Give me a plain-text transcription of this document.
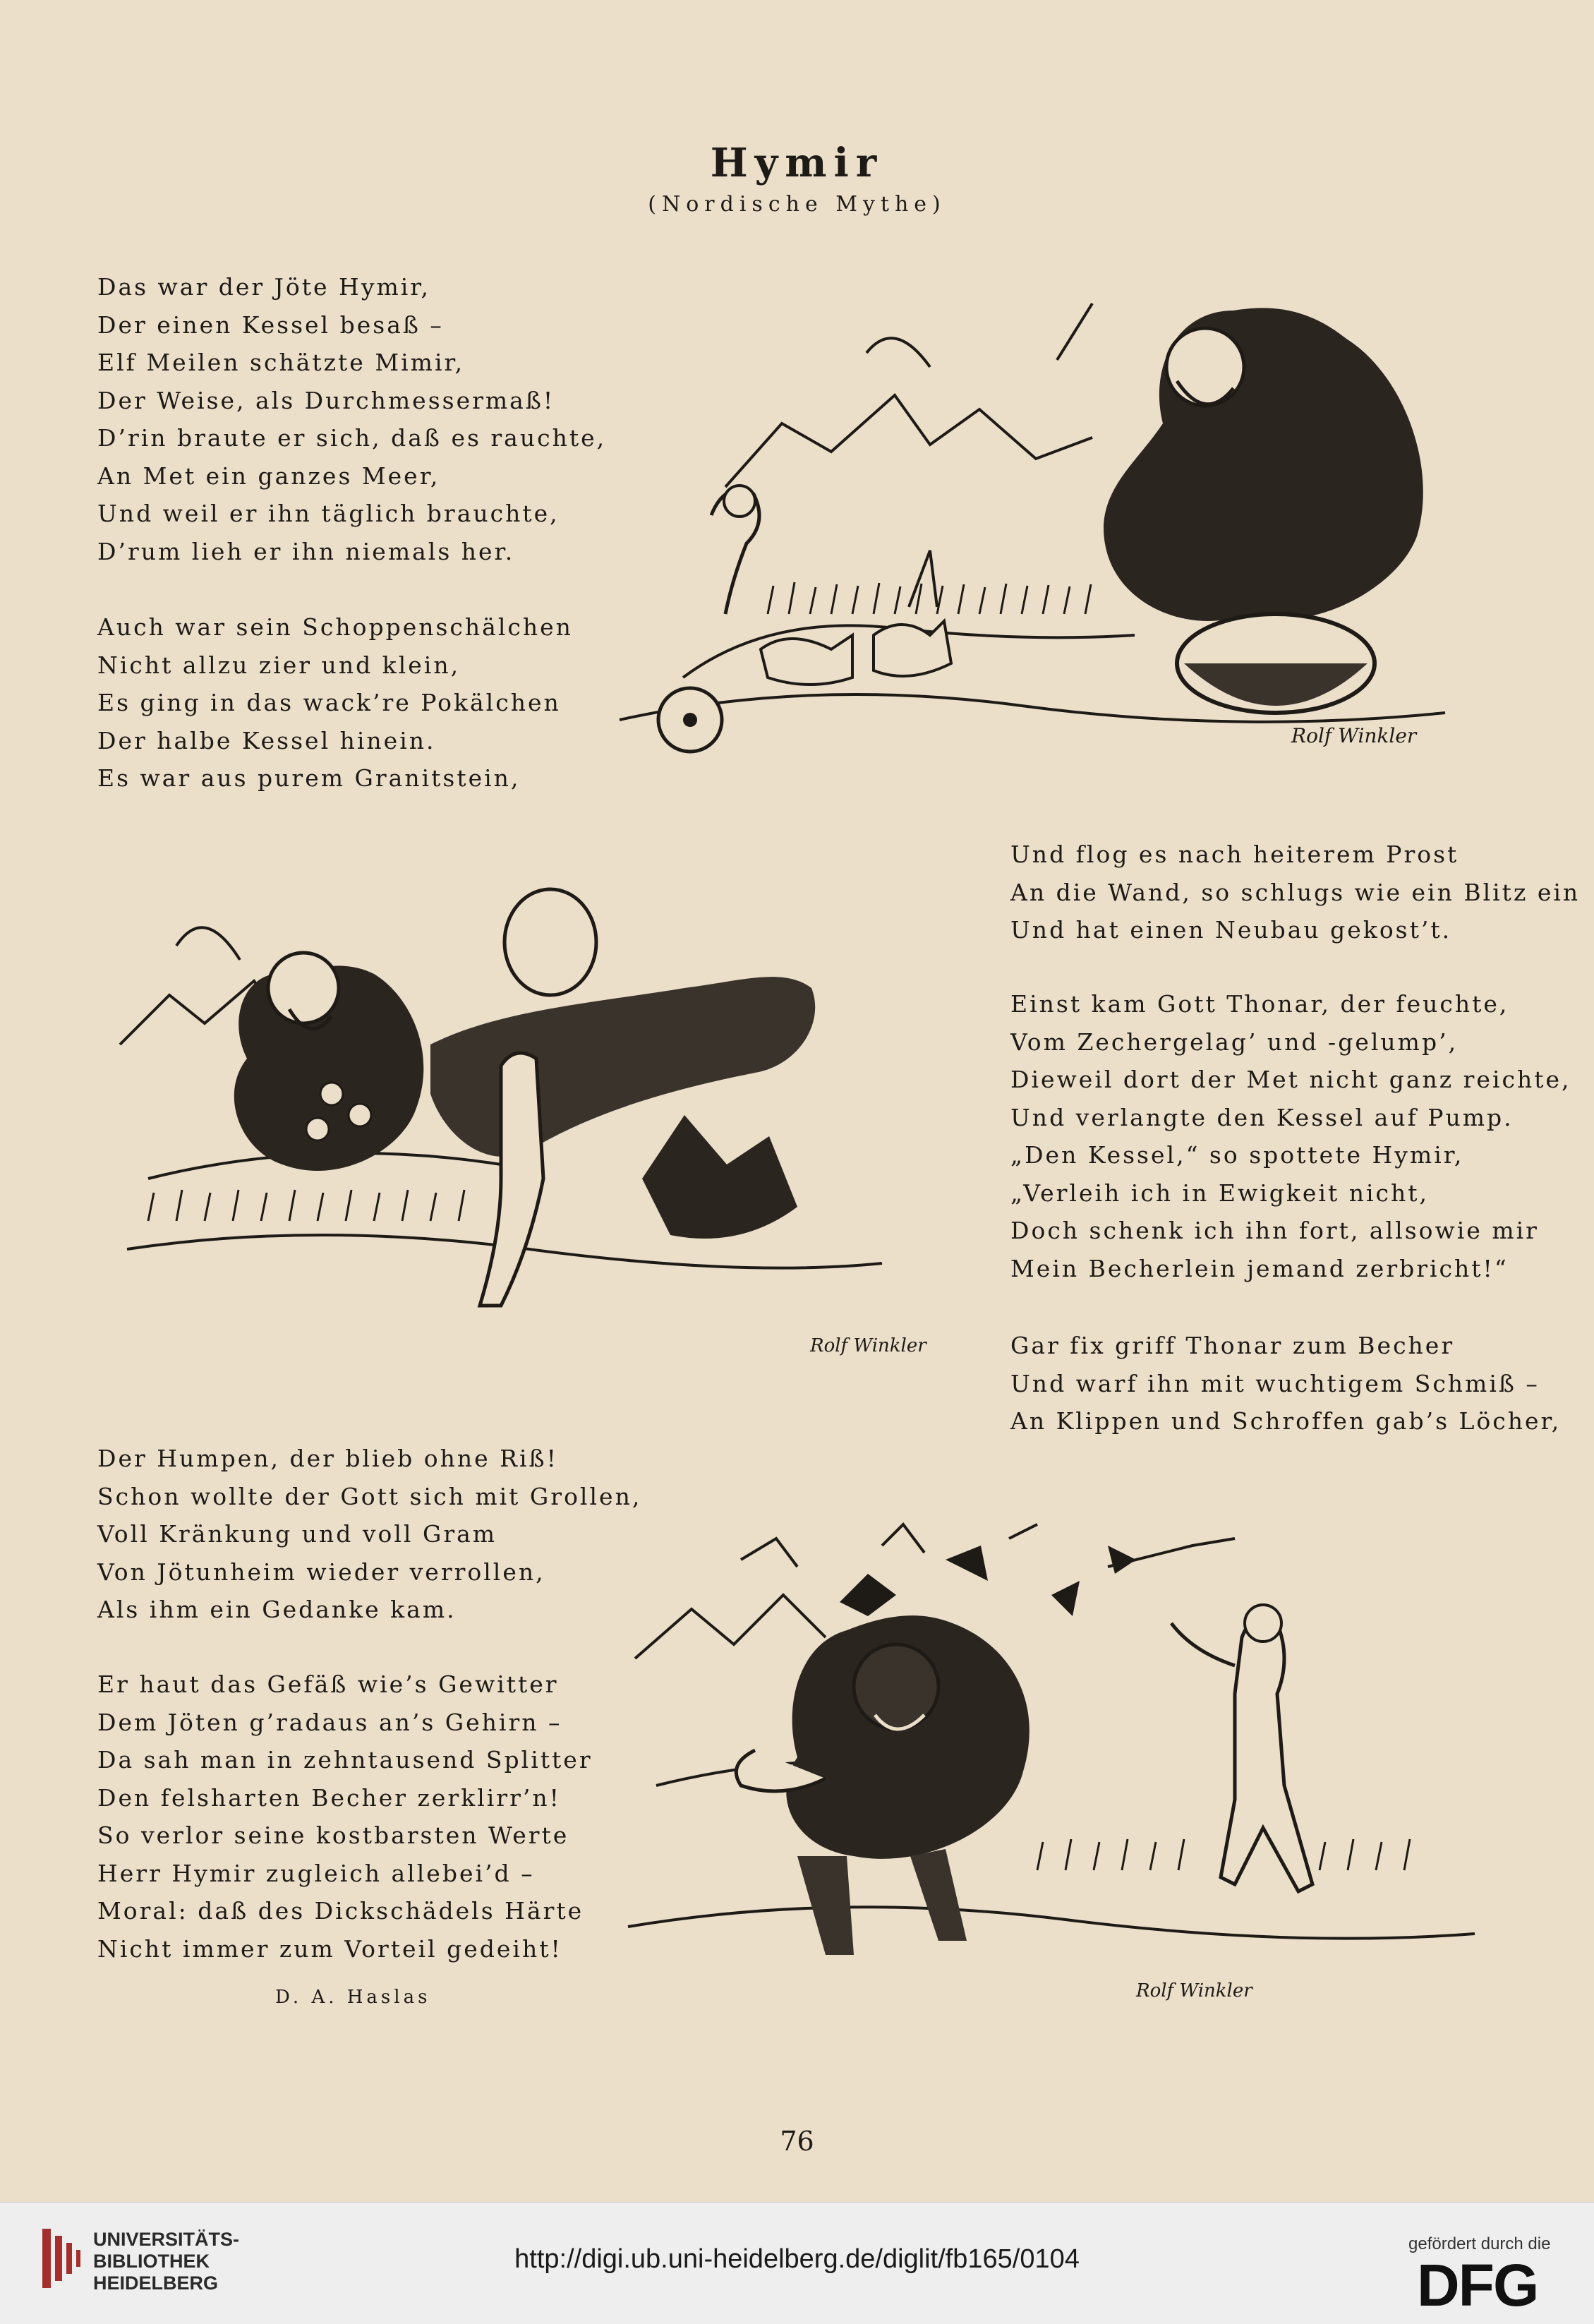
Hymir
(Nordische Mythe)
Das war der Jöte Hymir,
Der einen Kessel besaß –
Elf Meilen schätzte Mimir,
Der Weise, als Durchmessermaß!
D’rin braute er sich, daß es rauchte,
An Met ein ganzes Meer,
Und weil er ihn täglich brauchte,
D’rum lieh er ihn niemals her.
Auch war sein Schoppenschälchen
Nicht allzu zier und klein,
Es ging in das wack’re Pokälchen
Der halbe Kessel hinein.
Es war aus purem Granitstein,
Und flog es nach heiterem Prost
An die Wand, so schlugs wie ein Blitz ein
Und hat einen Neubau gekost’t.
Einst kam Gott Thonar, der feuchte,
Vom Zechergelag’ und -gelump’,
Dieweil dort der Met nicht ganz reichte,
Und verlangte den Kessel auf Pump.
„Den Kessel,“ so spottete Hymir,
„Verleih ich in Ewigkeit nicht,
Doch schenk ich ihn fort, allsowie mir
Mein Becherlein jemand zerbricht!“
Gar fix griff Thonar zum Becher
Und warf ihn mit wuchtigem Schmiß –
An Klippen und Schroffen gab’s Löcher,
Der Humpen, der blieb ohne Riß!
Schon wollte der Gott sich mit Grollen,
Voll Kränkung und voll Gram
Von Jötunheim wieder verrollen,
Als ihm ein Gedanke kam.
Er haut das Gefäß wie’s Gewitter
Dem Jöten g’radaus an’s Gehirn –
Da sah man in zehntausend Splitter
Den felsharten Becher zerklirr’n!
So verlor seine kostbarsten Werte
Herr Hymir zugleich allebei’d –
Moral: daß des Dickschädels Härte
Nicht immer zum Vorteil gedeiht!
D. A. Haslas
Rolf Winkler
Rolf Winkler
Rolf Winkler
76
UNIVERSITÄTS-
BIBLIOTHEK
HEIDELBERG
http://digi.ub.uni-heidelberg.de/diglit/fb165/0104
gefördert durch die
DFG
